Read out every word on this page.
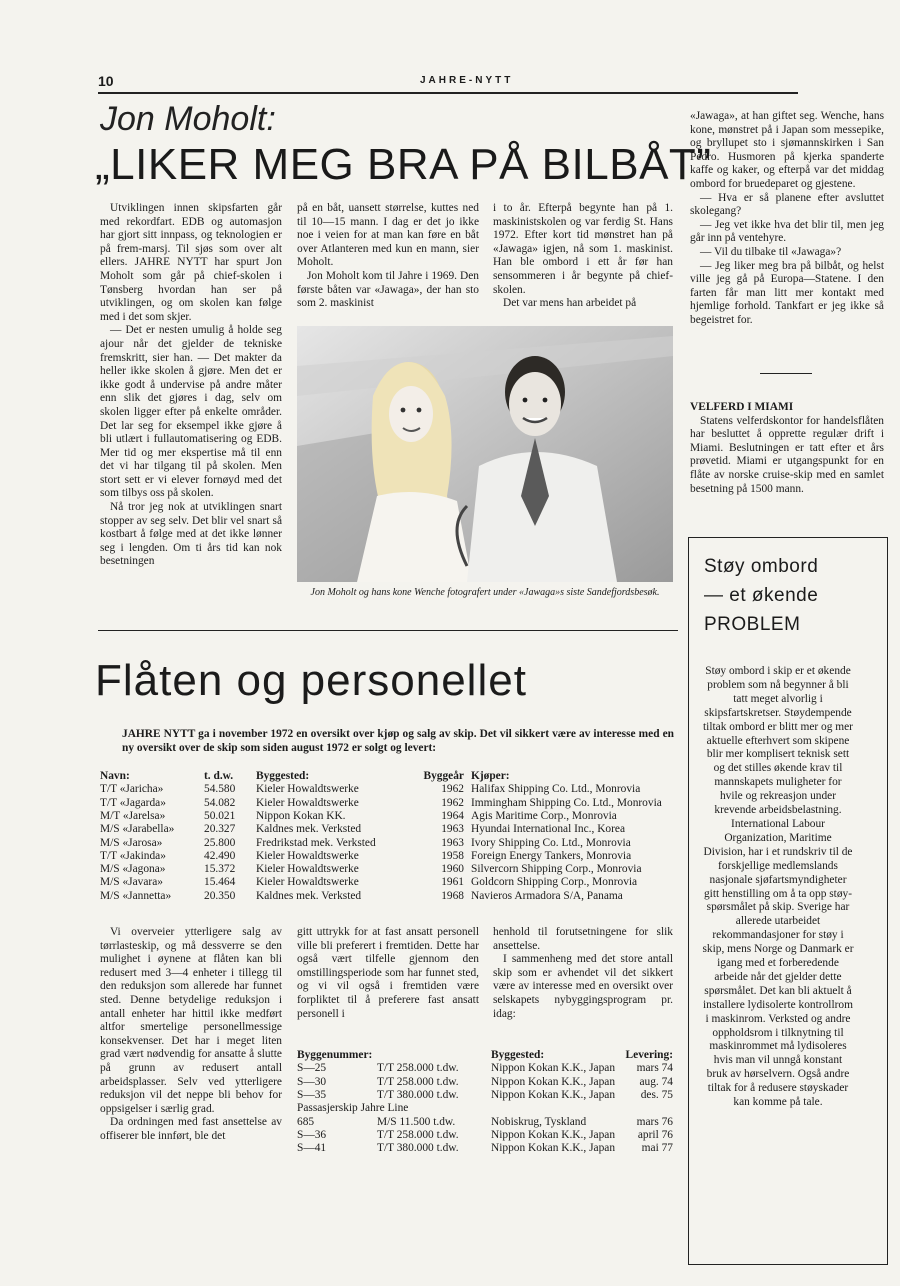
10	JAHRE-NYTT
Jon Moholt:
„LIKER MEG BRA PÅ BILBÅT”

Utviklingen innen skipsfarten går med rekordfart. EDB og automasjon har gjort sitt innpass, og teknologien er på frem-marsj. Til sjøs som over alt ellers. JAHRE NYTT har spurt Jon Moholt som går på chief-skolen i Tønsberg hvordan han ser på utviklingen, og om skolen kan følge med i det som skjer.

— Det er nesten umulig å holde seg ajour når det gjelder de tekniske fremskritt, sier han. — Det makter da heller ikke skolen å gjøre. Men det er ikke godt å undervise på andre måter enn slik det gjøres i dag, selv om skolen ligger efter på enkelte områder. Det lar seg for eksempel ikke gjøre å bli utlært i fullautomatisering og EDB. Mer tid og mer ekspertise må til enn det vi har tilgang til på skolen. Men stort sett er vi elever fornøyd med det som tilbys oss på skolen.

Nå tror jeg nok at utviklingen snart stopper av seg selv. Det blir vel snart så kostbart å følge med at det ikke lønner seg i lengden. Om ti års tid kan nok besetningen

på en båt, uansett størrelse, kuttes ned til 10—15 mann. I dag er det jo ikke noe i veien for at man kan føre en båt over Atlanteren med kun en mann, sier Moholt.

Jon Moholt kom til Jahre i 1969. Den første båten var «Jawaga», der han sto som 2. maskinist

i to år. Efterpå begynte han på 1. maskinistskolen og var ferdig St. Hans 1972. Efter kort tid mønstret han på «Jawaga» igjen, nå som 1. maskinist. Han ble ombord i ett år før han sensommeren i år begynte på chief-skolen.

Det var mens han arbeidet på

Jon Moholt og hans kone Wenche fotografert under «Jawaga»s siste Sandefjordsbesøk.

«Jawaga», at han giftet seg. Wenche, hans kone, mønstret på i Japan som messepike, og bryllupet sto i sjømannskirken i San Pedro. Husmoren på kjerka spanderte kaffe og kaker, og efterpå var det middag ombord for bruedeparet og gjestene.

— Hva er så planene efter avsluttet skolegang?

— Jeg vet ikke hva det blir til, men jeg går inn på ventehyre.

— Vil du tilbake til «Jawaga»?

— Jeg liker meg bra på bilbåt, og helst ville jeg gå på Europa—Statene. I den farten får man litt mer kontakt med hjemlige forhold. Tankfart er jeg ikke så begeistret for.

VELFERD I MIAMI

Statens velferdskontor for handelsflåten har besluttet å opprette regulær drift i Miami. Beslutningen er tatt efter et års prøvetid. Miami er utgangspunkt for en flåte av norske cruise-skip med en samlet besetning på 1500 mann.

Støy ombord
— et økende
PROBLEM

Støy ombord i skip er et økende problem som nå begynner å bli tatt meget alvorlig i skipsfartskretser. Støydempende tiltak ombord er blitt mer og mer aktuelle efterhvert som skipene blir mer komplisert teknisk sett og det stilles økende krav til mannskapets muligheter for hvile og rekreasjon under krevende arbeidsbelastning. International Labour Organization, Maritime Division, har i et rundskriv til de forskjellige medlemslands nasjonale sjøfartsmyndigheter gitt henstilling om å ta opp støy-spørsmålet på skip. Sverige har allerede utarbeidet rekommandasjoner for støy i skip, mens Norge og Danmark er igang med et forberedende arbeide når det gjelder dette spørsmålet. Det kan bli aktuelt å installere lydisolerte kontrollrom i maskinrom. Verksted og andre oppholdsrom i tilknytning til maskinrommet må lydisoleres hvis man vil unngå konstant bruk av hørselvern. Også andre tiltak for å redusere støyskader kan komme på tale.

Flåten og personellet
JAHRE NYTT ga i november 1972 en oversikt over kjøp og salg av skip. Det vil sikkert være av interesse med en ny oversikt over de skip som siden august 1972 er solgt og levert:
Navn:	t. d.w. Byggested:	Byggeår Kjøper:
T/T «Jaricha»	54.580 Kieler Howaldtswerke	1962 Halifax Shipping Co. Ltd., Monrovia
T/T «Jagarda»	54.082 Kieler Howaldtswerke	1962 Immingham Shipping Co. Ltd., Monrovia
M/T «Jarelsa»	50.021 Nippon Kokan KK.	1964 Agis Maritime Corp., Monrovia
M/S «Jarabella»	20.327 Kaldnes mek. Verksted	1963 Hyundai International Inc., Korea
M/S «Jarosa»	25.800 Fredrikstad mek. Verksted	1963 Ivory Shipping Co. Ltd., Monrovia
T/T «Jakinda»	42.490 Kieler Howaldtswerke	1958 Foreign Energy Tankers, Monrovia
M/S «Jagona»	15.372 Kieler Howaldtswerke	1960 Silvercorn Shipping Corp., Monrovia
M/S «Javara»	15.464 Kieler Howaldtswerke	1961 Goldcorn Shipping Corp., Monrovia
M/S «Jannetta»	20.350 Kaldnes mek. Verksted	1968 Navieros Armadora S/A, Panama

Vi overveier ytterligere salg av tørrlasteskip, og må dessverre se den mulighet i øynene at flåten kan bli redusert med 3—4 enheter i tillegg til den reduksjon som allerede har funnet sted. Denne betydelige reduksjon i antall enheter har hittil ikke medført altfor smertelige personellmessige konsekvenser. Det har i meget liten grad vært nødvendig for ansatte å slutte på grunn av redusert antall arbeidsplasser. Selv ved ytterligere reduksjon vil det neppe bli behov for oppsigelser i særlig grad.

Da ordningen med fast ansettelse av offiserer ble innført, ble det

gitt uttrykk for at fast ansatt personell ville bli preferert i fremtiden. Dette har også vært tilfelle gjennom den omstillingsperiode som har funnet sted, og vi vil også i fremtiden være forpliktet til å preferere fast ansatt personell i

henhold til forutsetningene for slik ansettelse.

I sammenheng med det store antall skip som er avhendet vil det sikkert være av interesse med en oversikt over selskapets nybyggingsprogram pr. idag:

Byggenummer:	Byggested:	Levering:
S—25	T/T 258.000 t.dw.	Nippon Kokan K.K., Japan mars 74
S—30	T/T 258.000 t.dw.	Nippon Kokan K.K., Japan aug. 74
S—35	T/T 380.000 t.dw.	Nippon Kokan K.K., Japan des. 75
Passasjerskip Jahre Line
685	M/S 11.500 t.dw.	Nobiskrug, Tyskland	mars 76
S—36	T/T 258.000 t.dw.	Nippon Kokan K.K., Japan april 76
S—41	T/T 380.000 t.dw.	Nippon Kokan K.K., Japan mai 77
